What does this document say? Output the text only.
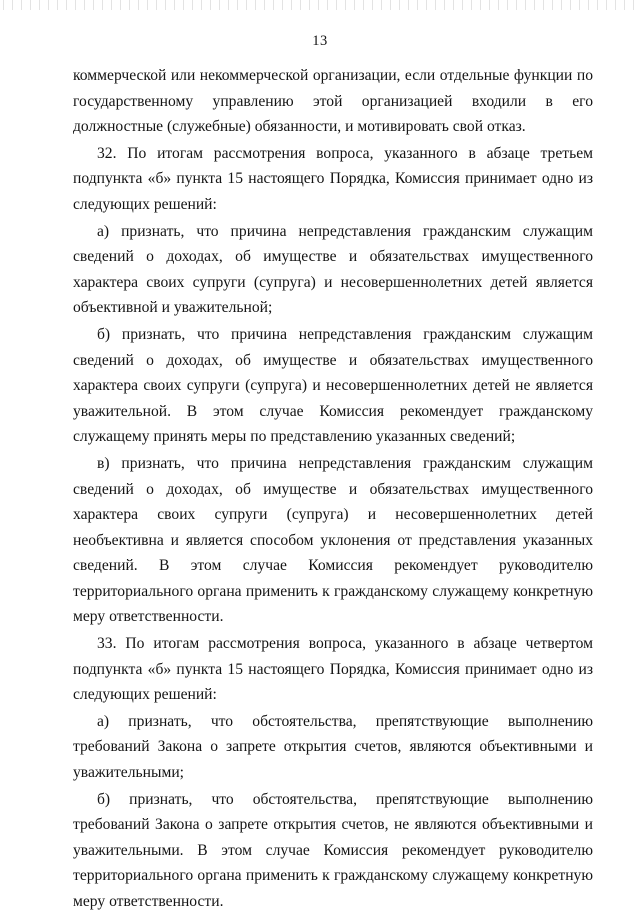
13

коммерческой или некоммерческой организации, если отдельные функции по государственному управлению этой организацией входили в его должностные (служебные) обязанности, и мотивировать свой отказ.

32. По итогам рассмотрения вопроса, указанного в абзаце третьем подпункта «б» пункта 15 настоящего Порядка, Комиссия принимает одно из следующих решений:

а) признать, что причина непредставления гражданским служащим сведений о доходах, об имуществе и обязательствах имущественного характера своих супруги (супруга) и несовершеннолетних детей является объективной и уважительной;

б) признать, что причина непредставления гражданским служащим сведений о доходах, об имуществе и обязательствах имущественного характера своих супруги (супруга) и несовершеннолетних детей не является уважительной. В этом случае Комиссия рекомендует гражданскому служащему принять меры по представлению указанных сведений;

в) признать, что причина непредставления гражданским служащим сведений о доходах, об имуществе и обязательствах имущественного характера своих супруги (супруга) и несовершеннолетних детей необъективна и является способом уклонения от представления указанных сведений. В этом случае Комиссия рекомендует руководителю территориального органа применить к гражданскому служащему конкретную меру ответственности.

33. По итогам рассмотрения вопроса, указанного в абзаце четвертом подпункта «б» пункта 15 настоящего Порядка, Комиссия принимает одно из следующих решений:

а) признать, что обстоятельства, препятствующие выполнению требований Закона о запрете открытия счетов, являются объективными и уважительными;

б) признать, что обстоятельства, препятствующие выполнению требований Закона о запрете открытия счетов, не являются объективными и уважительными. В этом случае Комиссия рекомендует руководителю территориального органа применить к гражданскому служащему конкретную меру ответственности.
